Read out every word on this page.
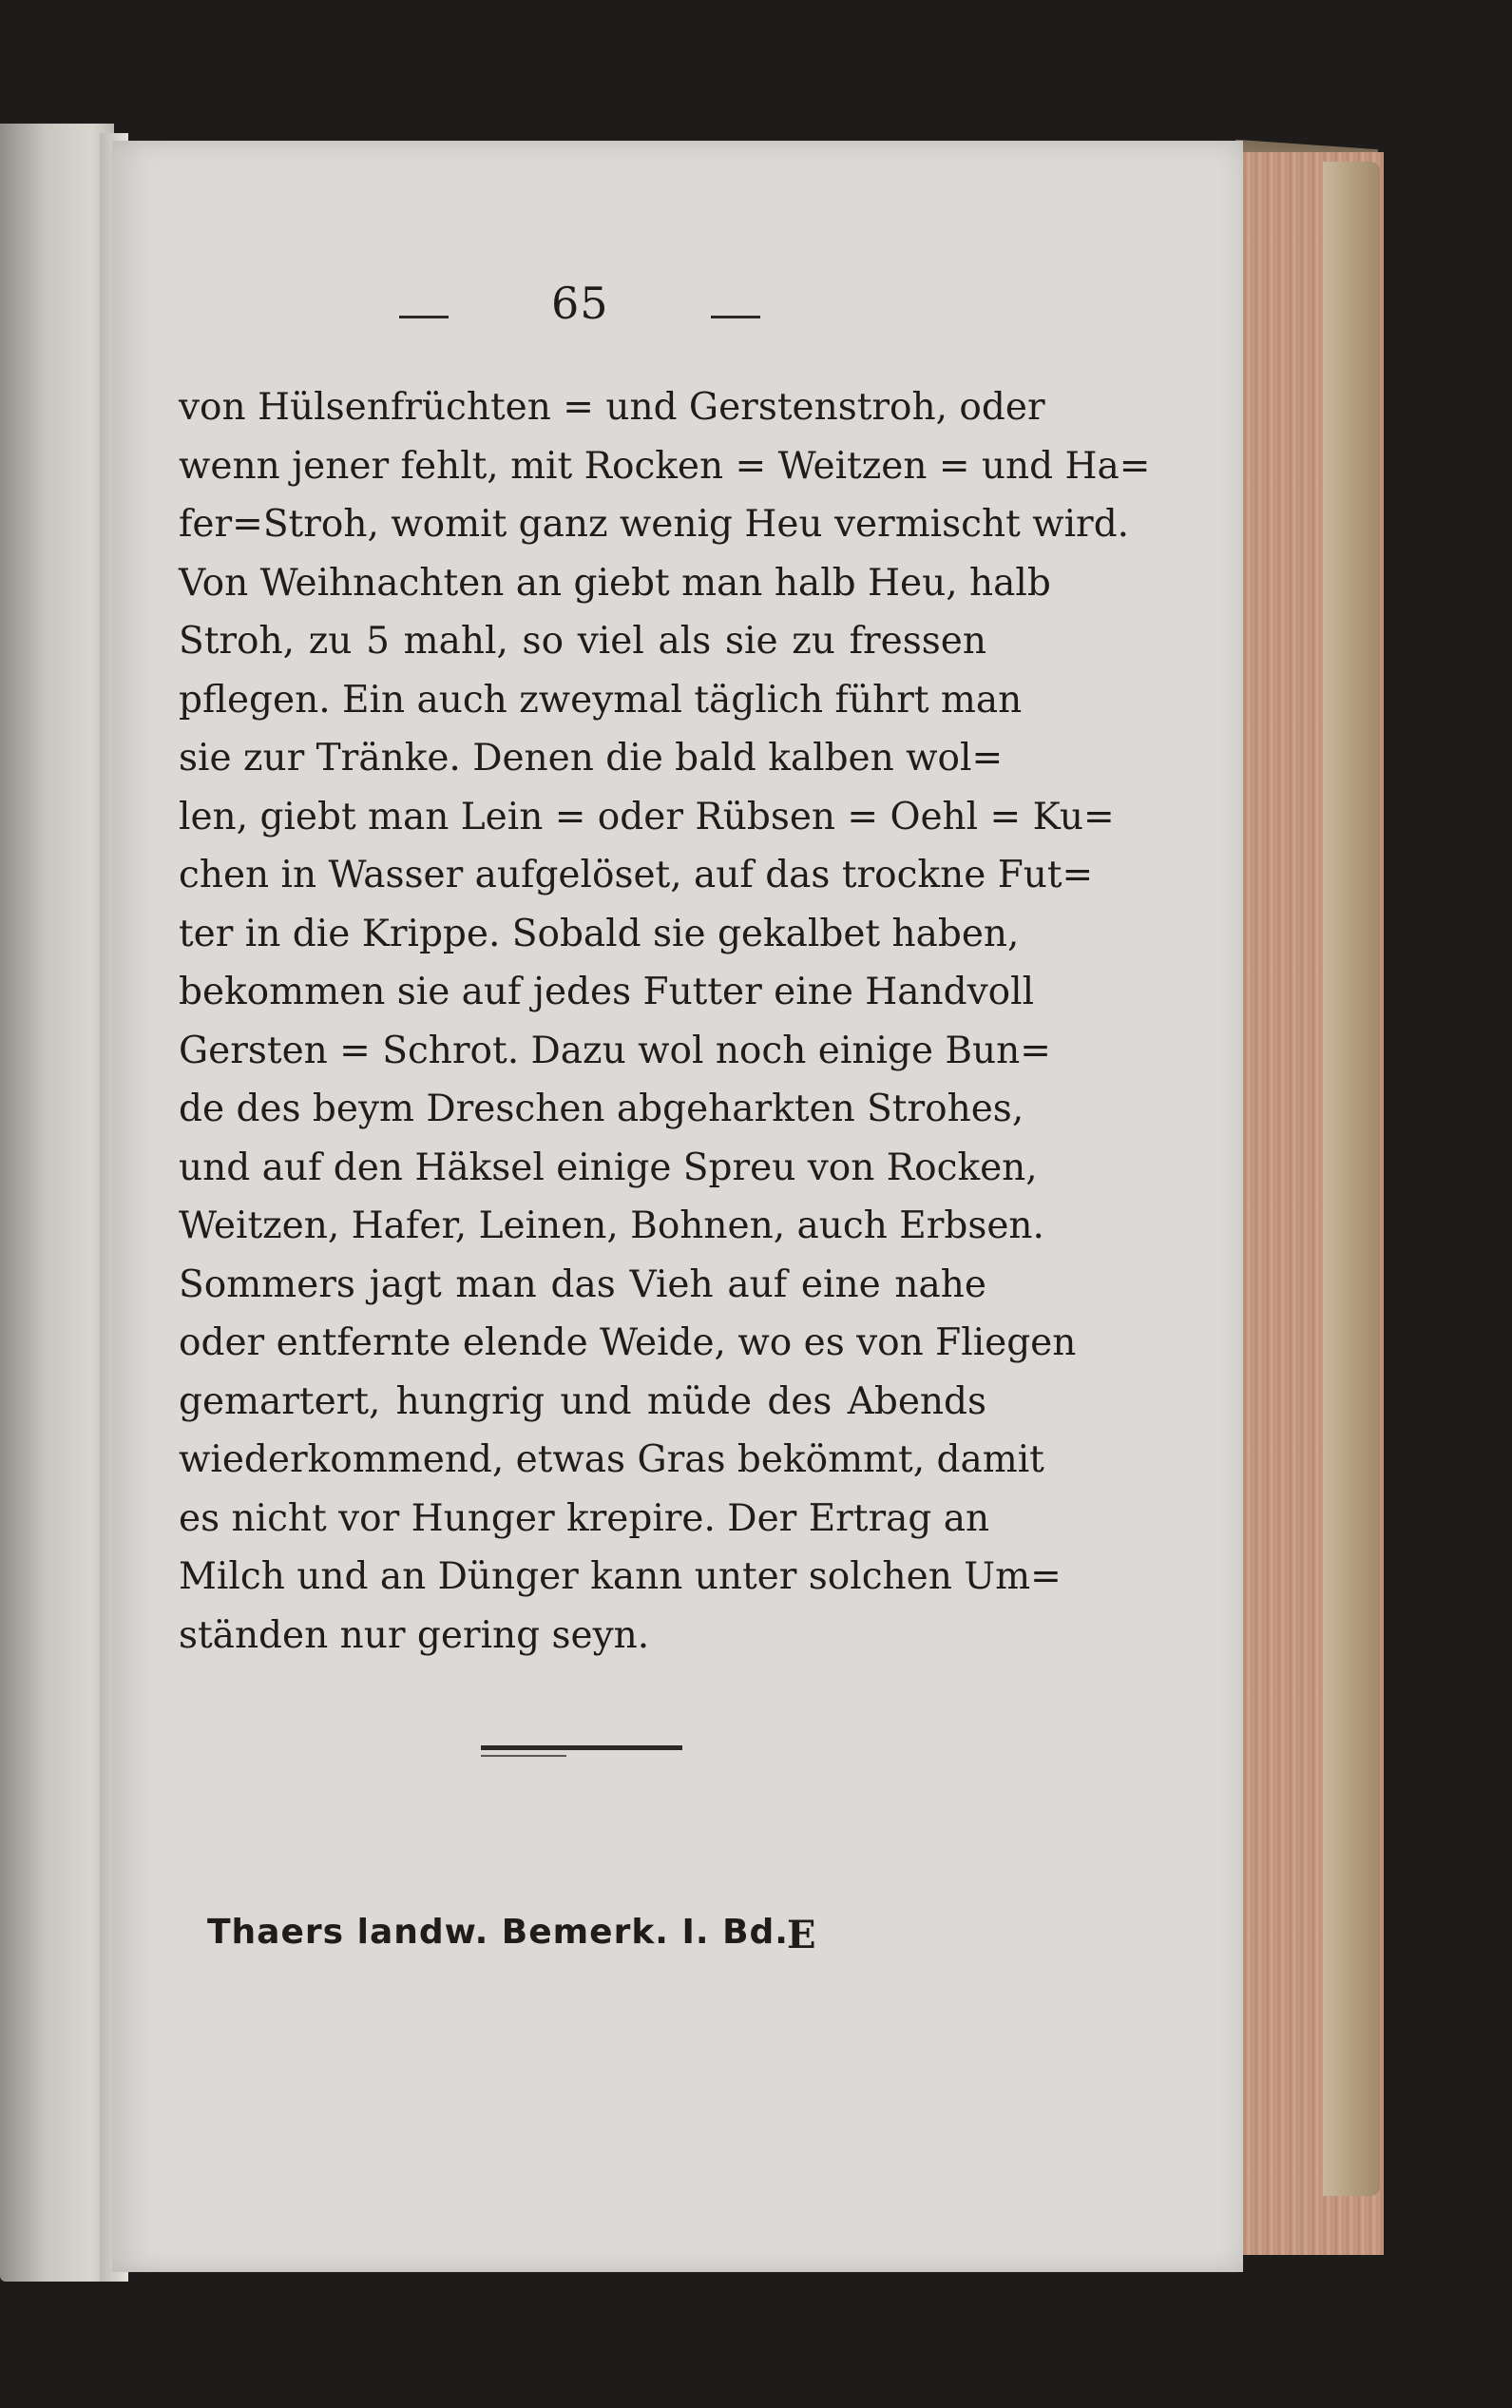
65
von Hülsenfrüchten = und Gerstenstroh, oder
wenn jener fehlt, mit Rocken = Weitzen = und Ha=
fer=Stroh, womit ganz wenig Heu vermischt wird.
Von Weihnachten an giebt man halb Heu, halb
Stroh, zu 5 mahl, so viel als sie zu fressen
pflegen. Ein auch zweymal täglich führt man
sie zur Tränke. Denen die bald kalben wol=
len, giebt man Lein = oder Rübsen = Oehl = Ku=
chen in Wasser aufgelöset, auf das trockne Fut=
ter in die Krippe. Sobald sie gekalbet haben,
bekommen sie auf jedes Futter eine Handvoll
Gersten = Schrot. Dazu wol noch einige Bun=
de des beym Dreschen abgeharkten Strohes,
und auf den Häksel einige Spreu von Rocken,
Weitzen, Hafer, Leinen, Bohnen, auch Erbsen.
Sommers jagt man das Vieh auf eine nahe
oder entfernte elende Weide, wo es von Fliegen
gemartert, hungrig und müde des Abends
wiederkommend, etwas Gras bekömmt, damit
es nicht vor Hunger krepire. Der Ertrag an
Milch und an Dünger kann unter solchen Um=
ständen nur gering seyn.
Thaers landw. Bemerk. I. Bd.
E
